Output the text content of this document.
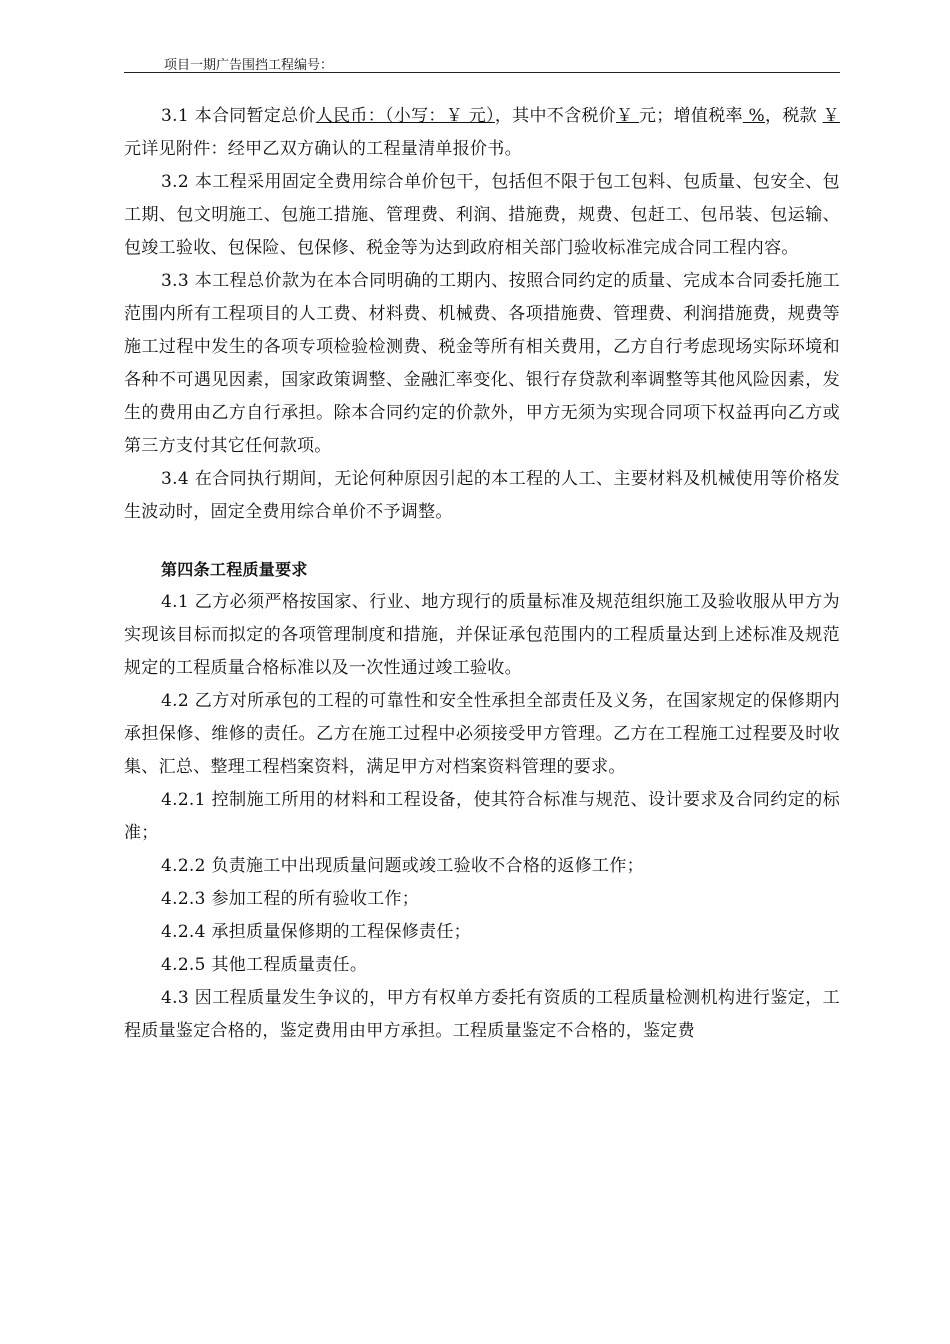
项目一期广告围挡工程编号：

3.1 本合同暂定总价人民币：（小写：￥ 元），其中不含税价￥ 元；增值税率 %，税款 ￥ 元详见附件：经甲乙双方确认的工程量清单报价书。

3.2 本工程采用固定全费用综合单价包干，包括但不限于包工包料、包质量、包安全、包工期、包文明施工、包施工措施、管理费、利润、措施费，规费、包赶工、包吊装、包运输、包竣工验收、包保险、包保修、税金等为达到政府相关部门验收标准完成合同工程内容。

3.3 本工程总价款为在本合同明确的工期内、按照合同约定的质量、完成本合同委托施工范围内所有工程项目的人工费、材料费、机械费、各项措施费、管理费、利润措施费，规费等施工过程中发生的各项专项检验检测费、税金等所有相关费用，乙方自行考虑现场实际环境和各种不可遇见因素，国家政策调整、金融汇率变化、银行存贷款利率调整等其他风险因素，发生的费用由乙方自行承担。除本合同约定的价款外，甲方无须为实现合同项下权益再向乙方或第三方支付其它任何款项。

3.4 在合同执行期间，无论何种原因引起的本工程的人工、主要材料及机械使用等价格发生波动时，固定全费用综合单价不予调整。

第四条工程质量要求

4.1 乙方必须严格按国家、行业、地方现行的质量标准及规范组织施工及验收服从甲方为实现该目标而拟定的各项管理制度和措施，并保证承包范围内的工程质量达到上述标准及规范规定的工程质量合格标准以及一次性通过竣工验收。

4.2 乙方对所承包的工程的可靠性和安全性承担全部责任及义务，在国家规定的保修期内承担保修、维修的责任。乙方在施工过程中必须接受甲方管理。乙方在工程施工过程要及时收集、汇总、整理工程档案资料，满足甲方对档案资料管理的要求。

4.2.1 控制施工所用的材料和工程设备，使其符合标准与规范、设计要求及合同约定的标准；

4.2.2 负责施工中出现质量问题或竣工验收不合格的返修工作；

4.2.3 参加工程的所有验收工作；

4.2.4 承担质量保修期的工程保修责任；

4.2.5 其他工程质量责任。

4.3 因工程质量发生争议的，甲方有权单方委托有资质的工程质量检测机构进行鉴定，工程质量鉴定合格的，鉴定费用由甲方承担。工程质量鉴定不合格的，鉴定费
